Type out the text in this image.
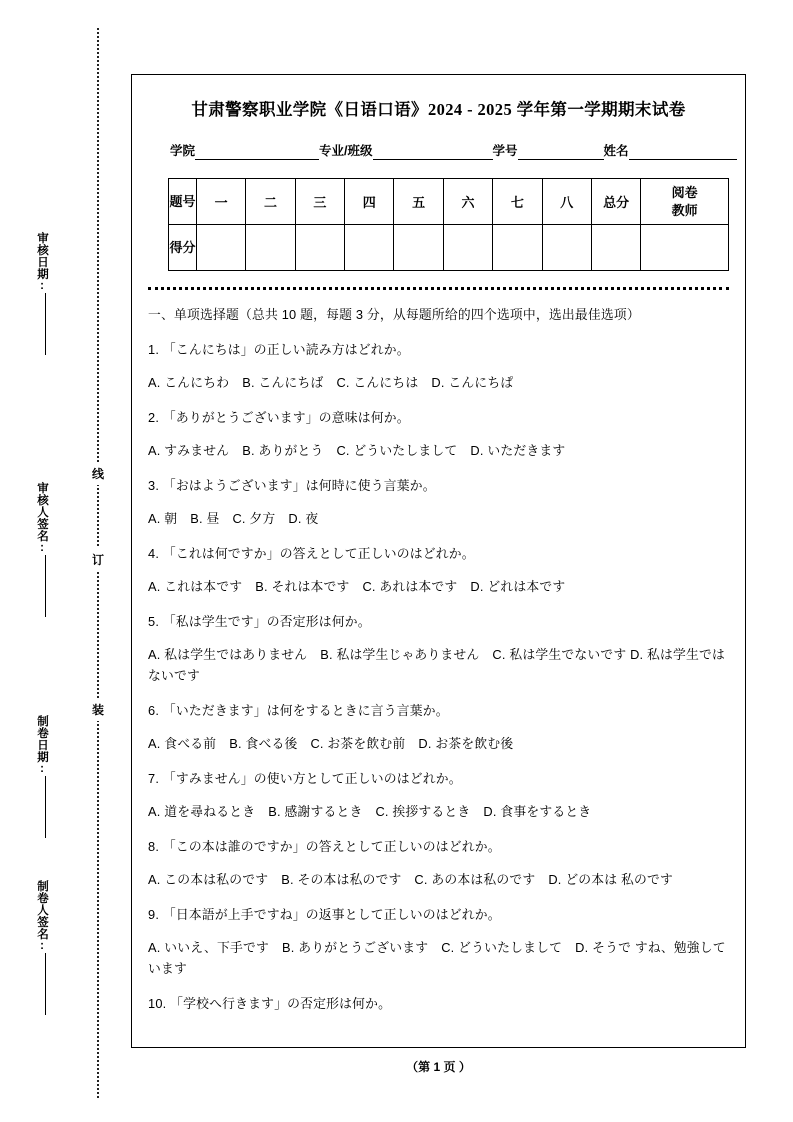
审核日期:
审核人签名:
制卷日期:
制卷人签名:
线
订
装
甘肃警察职业学院《日语口语》2024 - 2025 学年第一学期期末试卷
学院	专业/班级	学号	姓名
题号	一	二	三	四	五	六	七	八	总分	阅卷
教师

得分										
一、单项选择题（总共 10 题，每题 3 分，从每题所给的四个选项中，选出最佳选项）
1. 「こんにちは」の正しい読み方はどれか。
A. こんにちわ　B. こんにちば　C. こんにちは　D. こんにちぱ
2. 「ありがとうございます」の意味は何か。
A. すみません　B. ありがとう　C. どういたしまして　D. いただきます
3. 「おはようございます」は何時に使う言葉か。
A. 朝　B. 昼　C. 夕方　D. 夜
4. 「これは何ですか」の答えとして正しいのはどれか。
A. これは本です　B. それは本です　C. あれは本です　D. どれは本です
5. 「私は学生です」の否定形は何か。
A. 私は学生ではありません　B. 私は学生じゃありません　C. 私は学生でないです D. 私は学生ではないです
6. 「いただきます」は何をするときに言う言葉か。
A. 食べる前　B. 食べる後　C. お茶を飲む前　D. お茶を飲む後
7. 「すみません」の使い方として正しいのはどれか。
A. 道を尋ねるとき　B. 感謝するとき　C. 挨拶するとき　D. 食事をするとき
8. 「この本は誰のですか」の答えとして正しいのはどれか。
A. この本は私のです　B. その本は私のです　C. あの本は私のです　D. どの本は 私のです
9. 「日本語が上手ですね」の返事として正しいのはどれか。
A. いいえ、下手です　B. ありがとうございます　C. どういたしまして　D. そうで すね、勉強しています
10. 「学校へ行きます」の否定形は何か。
（第 1 页 ）
